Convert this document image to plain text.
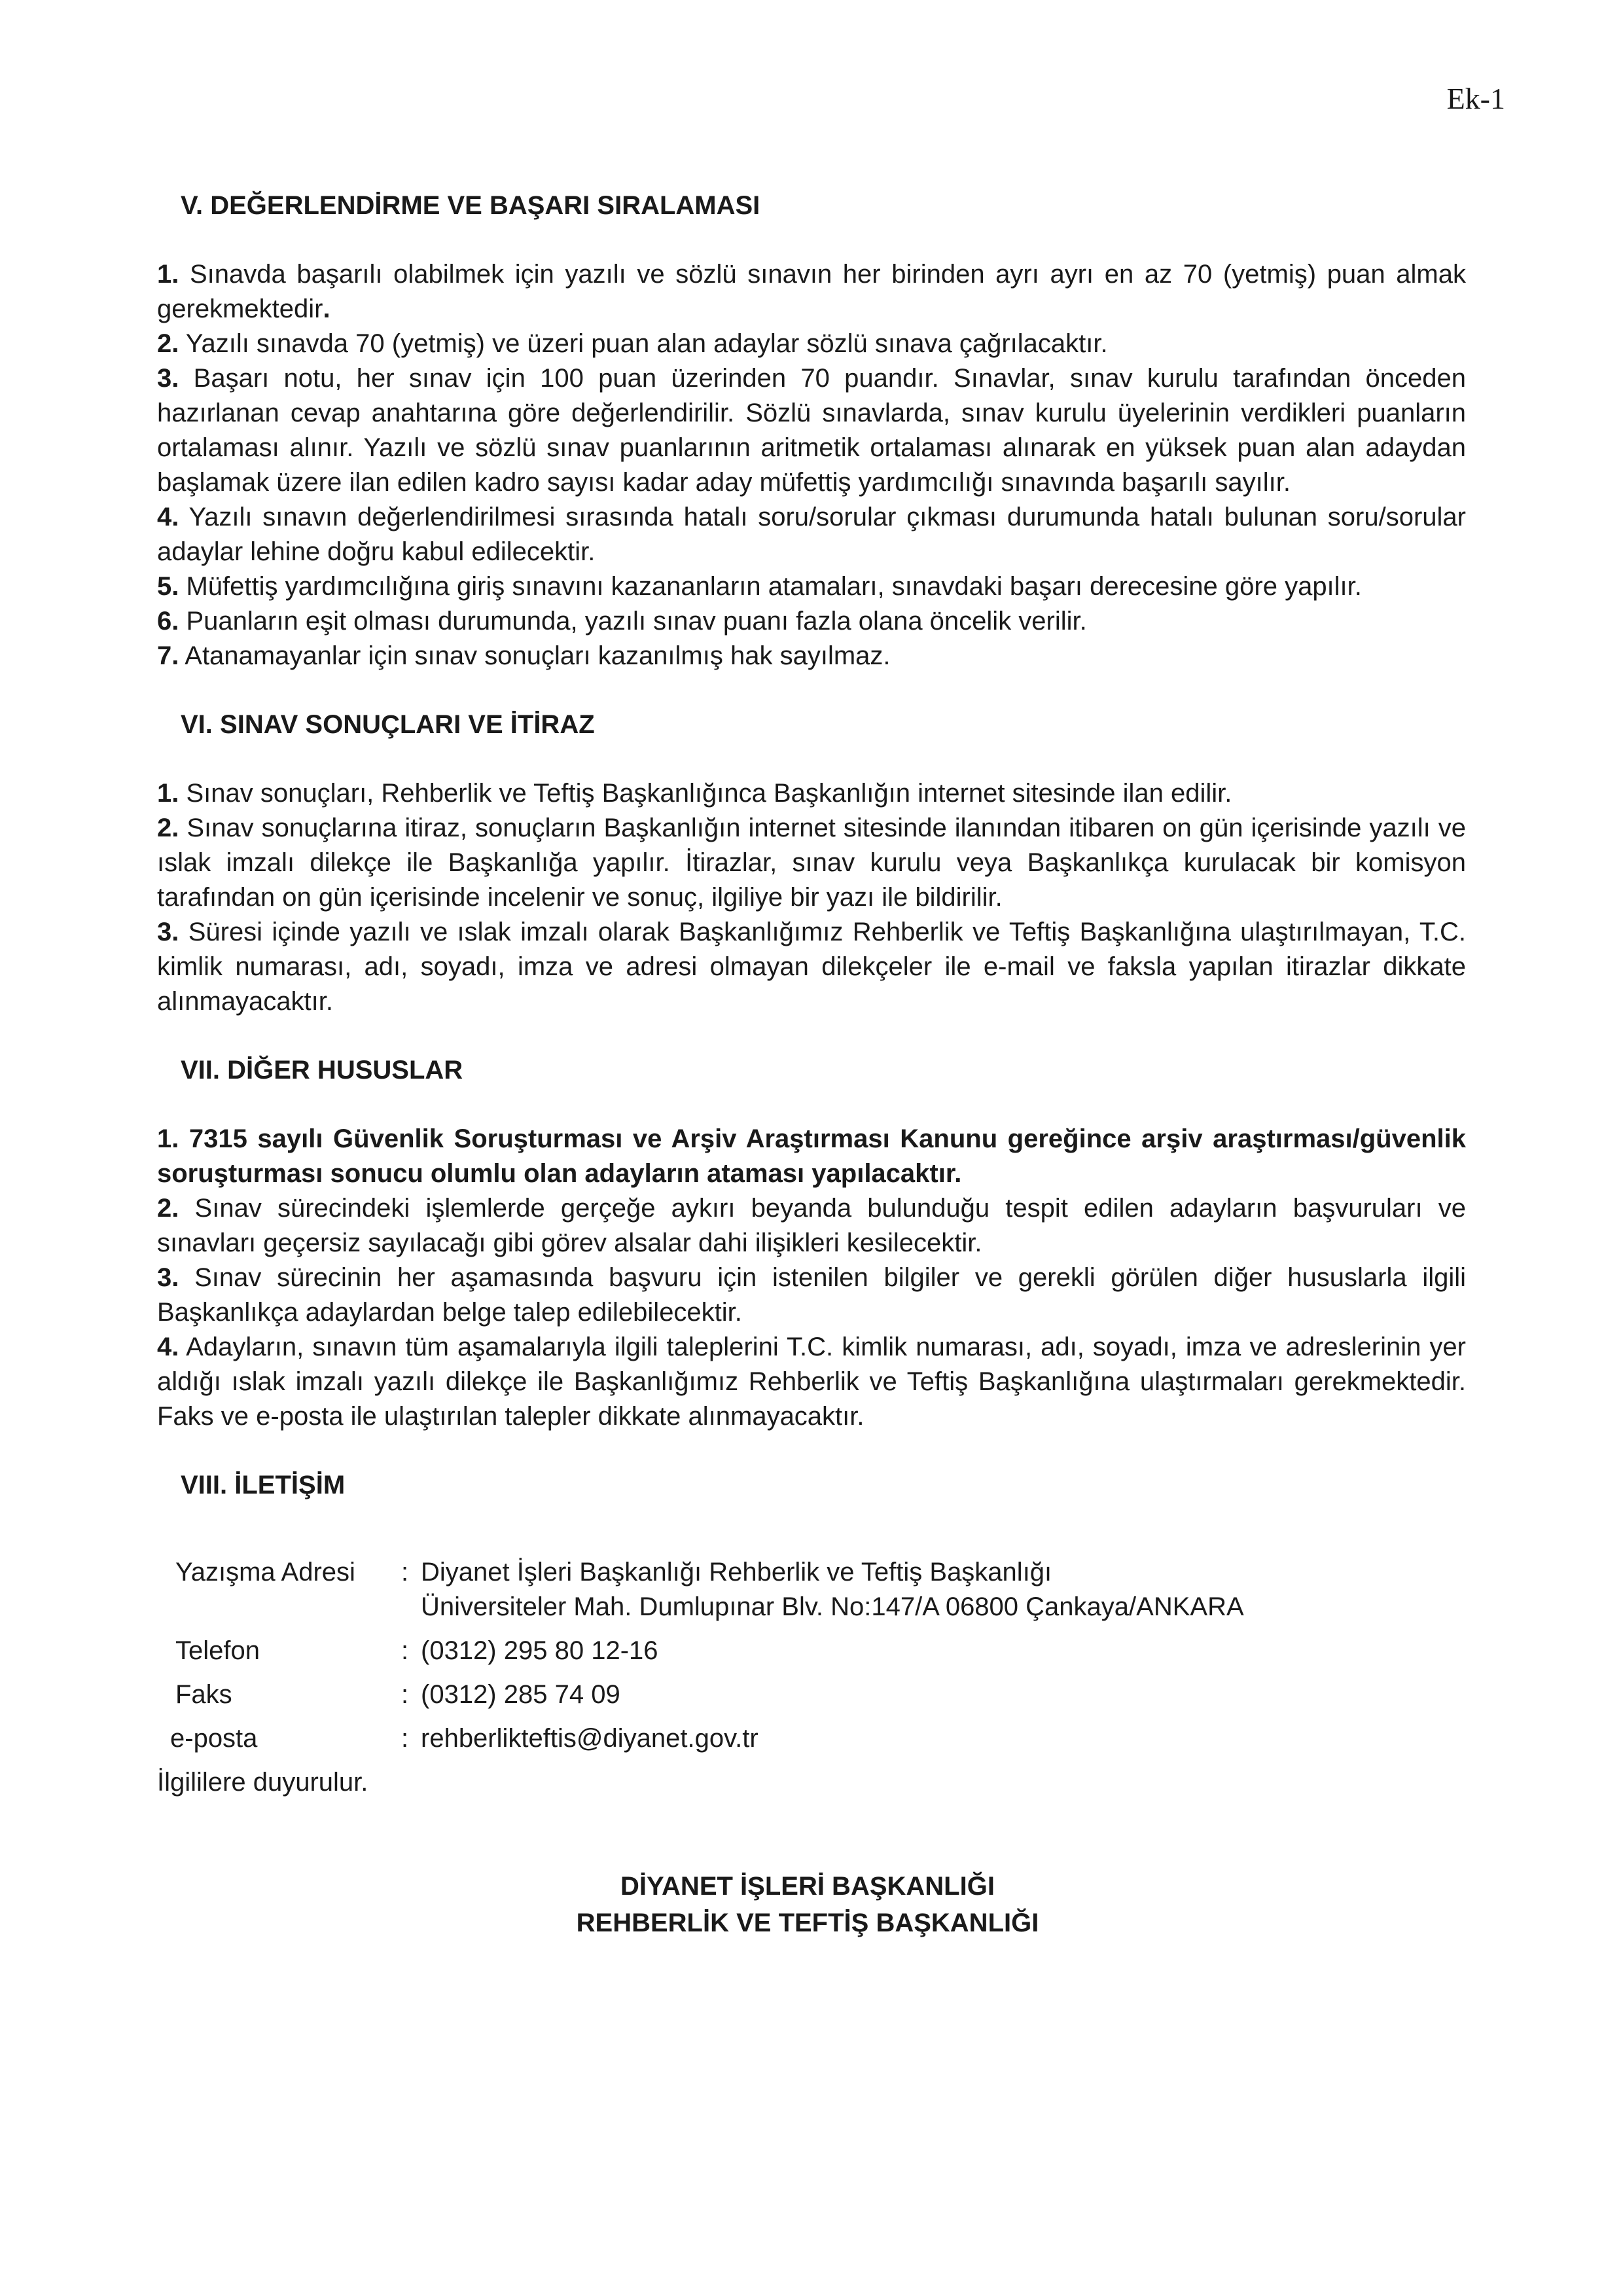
Ek-1
V. DEĞERLENDİRME VE BAŞARI SIRALAMASI

1. Sınavda başarılı olabilmek için yazılı ve sözlü sınavın her birinden ayrı ayrı en az 70 (yetmiş) puan almak gerekmektedir.

2. Yazılı sınavda 70 (yetmiş) ve üzeri puan alan adaylar sözlü sınava çağrılacaktır.

3. Başarı notu, her sınav için 100 puan üzerinden 70 puandır. Sınavlar, sınav kurulu tarafından önceden hazırlanan cevap anahtarına göre değerlendirilir. Sözlü sınavlarda, sınav kurulu üyelerinin verdikleri puanların ortalaması alınır. Yazılı ve sözlü sınav puanlarının aritmetik ortalaması alınarak en yüksek puan alan adaydan başlamak üzere ilan edilen kadro sayısı kadar aday müfettiş yardımcılığı sınavında başarılı sayılır.

4. Yazılı sınavın değerlendirilmesi sırasında hatalı soru/sorular çıkması durumunda hatalı bulunan soru/sorular adaylar lehine doğru kabul edilecektir.

5. Müfettiş yardımcılığına giriş sınavını kazananların atamaları, sınavdaki başarı derecesine göre yapılır.

6. Puanların eşit olması durumunda, yazılı sınav puanı fazla olana öncelik verilir.

7. Atanamayanlar için sınav sonuçları kazanılmış hak sayılmaz.

VI. SINAV SONUÇLARI VE İTİRAZ

1. Sınav sonuçları, Rehberlik ve Teftiş Başkanlığınca Başkanlığın internet sitesinde ilan edilir.

2. Sınav sonuçlarına itiraz, sonuçların Başkanlığın internet sitesinde ilanından itibaren on gün içerisinde yazılı ve ıslak imzalı dilekçe ile Başkanlığa yapılır. İtirazlar, sınav kurulu veya Başkanlıkça kurulacak bir komisyon tarafından on gün içerisinde incelenir ve sonuç, ilgiliye bir yazı ile bildirilir.

3. Süresi içinde yazılı ve ıslak imzalı olarak Başkanlığımız Rehberlik ve Teftiş Başkanlığına ulaştırılmayan, T.C. kimlik numarası, adı, soyadı, imza ve adresi olmayan dilekçeler ile e-mail ve faksla yapılan itirazlar dikkate alınmayacaktır.

VII. DİĞER HUSUSLAR

1. 7315 sayılı Güvenlik Soruşturması ve Arşiv Araştırması Kanunu gereğince arşiv araştırması/güvenlik soruşturması sonucu olumlu olan adayların ataması yapılacaktır.

2. Sınav sürecindeki işlemlerde gerçeğe aykırı beyanda bulunduğu tespit edilen adayların başvuruları ve sınavları geçersiz sayılacağı gibi görev alsalar dahi ilişikleri kesilecektir.

3. Sınav sürecinin her aşamasında başvuru için istenilen bilgiler ve gerekli görülen diğer hususlarla ilgili Başkanlıkça adaylardan belge talep edilebilecektir.

4. Adayların, sınavın tüm aşamalarıyla ilgili taleplerini T.C. kimlik numarası, adı, soyadı, imza ve adreslerinin yer aldığı ıslak imzalı yazılı dilekçe ile Başkanlığımız Rehberlik ve Teftiş Başkanlığına ulaştırmaları gerekmektedir. Faks ve e-posta ile ulaştırılan talepler dikkate alınmayacaktır.

VIII. İLETİŞİM
Yazışma Adresi	: Diyanet İşleri Başkanlığı Rehberlik ve Teftiş Başkanlığı
Üniversiteler Mah. Dumlupınar Blv. No:147/A 06800 Çankaya/ANKARA
Telefon	: (0312) 295 80 12-16
Faks	: (0312) 285 74 09
e-posta	: rehberlikteftis@diyanet.gov.tr

İlgililere duyurulur.

DİYANET İŞLERİ BAŞKANLIĞI
REHBERLİK VE TEFTİŞ BAŞKANLIĞI
